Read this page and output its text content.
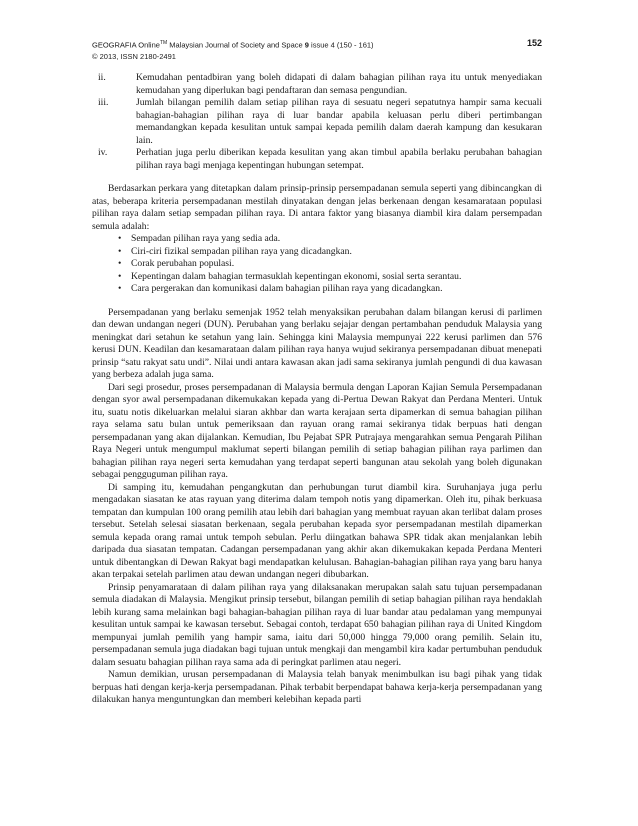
GEOGRAFIA Online™ Malaysian Journal of Society and Space 9 issue 4 (150 - 161)	152
© 2013, ISSN 2180-2491
ii.	Kemudahan pentadbiran yang boleh didapati di dalam bahagian pilihan raya itu untuk menyediakan kemudahan yang diperlukan bagi pendaftaran dan semasa pengundian.
iii.	Jumlah bilangan pemilih dalam setiap pilihan raya di sesuatu negeri sepatutnya hampir sama kecuali bahagian-bahagian pilihan raya di luar bandar apabila keluasan perlu diberi pertimbangan memandangkan kepada kesulitan untuk sampai kepada pemilih dalam daerah kampung dan kesukaran lain.
iv.	Perhatian juga perlu diberikan kepada kesulitan yang akan timbul apabila berlaku perubahan bahagian pilihan raya bagi menjaga kepentingan hubungan setempat.

Berdasarkan perkara yang ditetapkan dalam prinsip-prinsip persempadanan semula seperti yang dibincangkan di atas, beberapa kriteria persempadanan mestilah dinyatakan dengan jelas berkenaan dengan kesamarataan populasi pilihan raya dalam setiap sempadan pilihan raya. Di antara faktor yang biasanya diambil kira dalam persempadan semula adalah:

• Sempadan pilihan raya yang sedia ada.
• Ciri-ciri fizikal sempadan pilihan raya yang dicadangkan.
• Corak perubahan populasi.
• Kepentingan dalam bahagian termasuklah kepentingan ekonomi, sosial serta serantau.
• Cara pergerakan dan komunikasi dalam bahagian pilihan raya yang dicadangkan.

Persempadanan yang berlaku semenjak 1952 telah menyaksikan perubahan dalam bilangan kerusi di parlimen dan dewan undangan negeri (DUN). Perubahan yang berlaku sejajar dengan pertambahan penduduk Malaysia yang meningkat dari setahun ke setahun yang lain. Sehingga kini Malaysia mempunyai 222 kerusi parlimen dan 576 kerusi DUN. Keadilan dan kesamarataan dalam pilihan raya hanya wujud sekiranya persempadanan dibuat menepati prinsip “satu rakyat satu undi”. Nilai undi antara kawasan akan jadi sama sekiranya jumlah pengundi di dua kawasan yang berbeza adalah juga sama.

Dari segi prosedur, proses persempadanan di Malaysia bermula dengan Laporan Kajian Semula Persempadanan dengan syor awal persempadanan dikemukakan kepada yang di-Pertua Dewan Rakyat dan Perdana Menteri. Untuk itu, suatu notis dikeluarkan melalui siaran akhbar dan warta kerajaan serta dipamerkan di semua bahagian pilihan raya selama satu bulan untuk pemeriksaan dan rayuan orang ramai sekiranya tidak berpuas hati dengan persempadanan yang akan dijalankan. Kemudian, Ibu Pejabat SPR Putrajaya mengarahkan semua Pengarah Pilihan Raya Negeri untuk mengumpul maklumat seperti bilangan pemilih di setiap bahagian pilihan raya parlimen dan bahagian pilihan raya negeri serta kemudahan yang terdapat seperti bangunan atau sekolah yang boleh digunakan sebagai pengguguman pilihan raya.

Di samping itu, kemudahan pengangkutan dan perhubungan turut diambil kira. Suruhanjaya juga perlu mengadakan siasatan ke atas rayuan yang diterima dalam tempoh notis yang dipamerkan. Oleh itu, pihak berkuasa tempatan dan kumpulan 100 orang pemilih atau lebih dari bahagian yang membuat rayuan akan terlibat dalam proses tersebut. Setelah selesai siasatan berkenaan, segala perubahan kepada syor persempadanan mestilah dipamerkan semula kepada orang ramai untuk tempoh sebulan. Perlu diingatkan bahawa SPR tidak akan menjalankan lebih daripada dua siasatan tempatan. Cadangan persempadanan yang akhir akan dikemukakan kepada Perdana Menteri untuk dibentangkan di Dewan Rakyat bagi mendapatkan kelulusan. Bahagian-bahagian pilihan raya yang baru hanya akan terpakai setelah parlimen atau dewan undangan negeri dibubarkan.

Prinsip penyamarataan di dalam pilihan raya yang dilaksanakan merupakan salah satu tujuan persempadanan semula diadakan di Malaysia. Mengikut prinsip tersebut, bilangan pemilih di setiap bahagian pilihan raya hendaklah lebih kurang sama melainkan bagi bahagian-bahagian pilihan raya di luar bandar atau pedalaman yang mempunyai kesulitan untuk sampai ke kawasan tersebut. Sebagai contoh, terdapat 650 bahagian pilihan raya di United Kingdom mempunyai jumlah pemilih yang hampir sama, iaitu dari 50,000 hingga 79,000 orang pemilih. Selain itu, persempadanan semula juga diadakan bagi tujuan untuk mengkaji dan mengambil kira kadar pertumbuhan penduduk dalam sesuatu bahagian pilihan raya sama ada di peringkat parlimen atau negeri.

Namun demikian, urusan persempadanan di Malaysia telah banyak menimbulkan isu bagi pihak yang tidak berpuas hati dengan kerja-kerja persempadanan. Pihak terbabit berpendapat bahawa kerja-kerja persempadanan yang dilakukan hanya menguntungkan dan memberi kelebihan kepada parti
